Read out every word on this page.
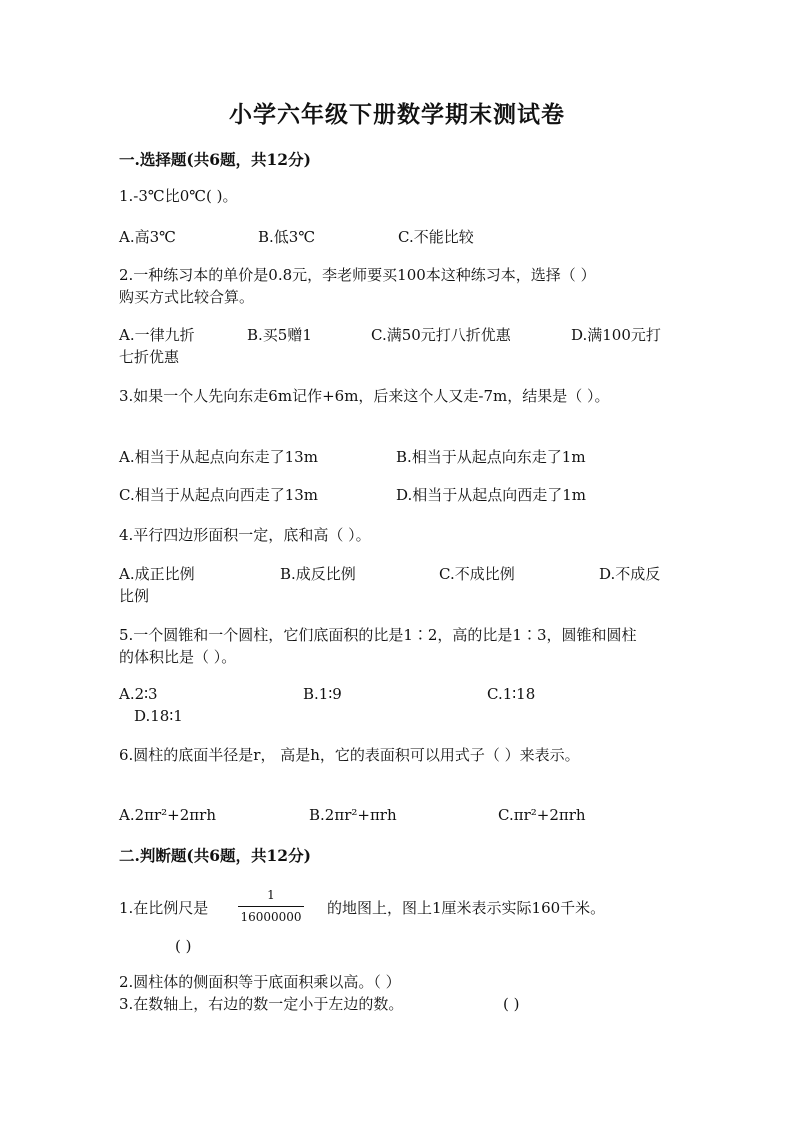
小学六年级下册数学期末测试卷
一.选择题(共6题，共12分)
1.-3℃比0℃( )。
A.高3℃	B.低3℃	C.不能比较
2.一种练习本的单价是0.8元，李老师要买100本这种练习本，选择（ ）
购买方式比较合算。
A.一律九折	B.买5赠1	C.满50元打八折优惠	D.满100元打
七折优惠
3.如果一个人先向东走6m记作+6m，后来这个人又走-7m，结果是（ ）。
A.相当于从起点向东走了13m	B.相当于从起点向东走了1m
C.相当于从起点向西走了13m	D.相当于从起点向西走了1m
4.平行四边形面积一定，底和高（ ）。
A.成正比例	B.成反比例	C.不成比例	D.不成反
比例
5.一个圆锥和一个圆柱，它们底面积的比是1∶2，高的比是1∶3，圆锥和圆柱
的体积比是（ ）。
A.2∶3	B.1∶9	C.1∶18
D.18∶1
6.圆柱的底面半径是r， 高是h，它的表面积可以用式子（ ）来表示。
A.2πr²+2πrh	B.2πr²+πrh	C.πr²+2πrh
二.判断题(共6题，共12分)
1.在比例尺是
1
16000000 的地图上，图上1厘米表示实际160千米。
( )
2.圆柱体的侧面积等于底面积乘以高。（ ）
3.在数轴上，右边的数一定小于左边的数。	( )
